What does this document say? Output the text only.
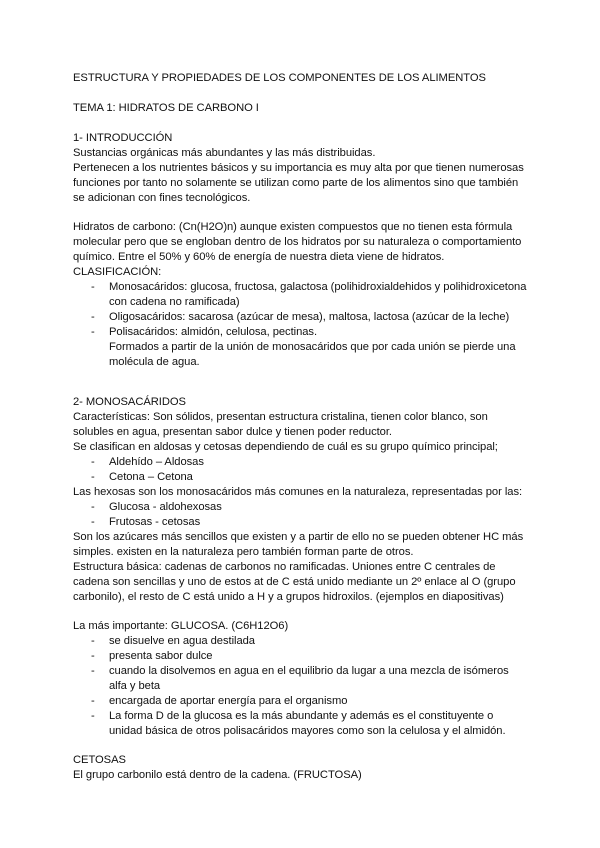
ESTRUCTURA Y PROPIEDADES DE LOS COMPONENTES DE LOS ALIMENTOS
TEMA 1: HIDRATOS DE CARBONO I
1- INTRODUCCIÓN
Sustancias orgánicas más abundantes y las más distribuidas.
Pertenecen a los nutrientes básicos y su importancia es muy alta por que tienen numerosas
funciones por tanto no solamente se utilizan como parte de los alimentos sino que también
se adicionan con fines tecnológicos.
Hidratos de carbono: (Cn(H2O)n) aunque existen compuestos que no tienen esta fórmula
molecular pero que se engloban dentro de los hidratos por su naturaleza o comportamiento
químico. Entre el 50% y 60% de energía de nuestra dieta viene de hidratos.
CLASIFICACIÓN:
- Monosacáridos: glucosa, fructosa, galactosa (polihidroxialdehidos y polihidroxicetona
con cadena no ramificada)
- Oligosacáridos: sacarosa (azúcar de mesa), maltosa, lactosa (azúcar de la leche)
- Polisacáridos: almidón, celulosa, pectinas.
Formados a partir de la unión de monosacáridos que por cada unión se pierde una
molécula de agua.
2- MONOSACÁRIDOS
Características: Son sólidos, presentan estructura cristalina, tienen color blanco, son
solubles en agua, presentan sabor dulce y tienen poder reductor.
Se clasifican en aldosas y cetosas dependiendo de cuál es su grupo químico principal;
- Aldehído – Aldosas
- Cetona – Cetona
Las hexosas son los monosacáridos más comunes en la naturaleza, representadas por las:
- Glucosa - aldohexosas
- Frutosas - cetosas
Son los azúcares más sencillos que existen y a partir de ello no se pueden obtener HC más
simples. existen en la naturaleza pero también forman parte de otros.
Estructura básica: cadenas de carbonos no ramificadas. Uniones entre C centrales de
cadena son sencillas y uno de estos at de C está unido mediante un 2º enlace al O (grupo
carbonilo), el resto de C está unido a H y a grupos hidroxilos. (ejemplos en diapositivas)
La más importante: GLUCOSA. (C6H12O6)
- se disuelve en agua destilada
- presenta sabor dulce
- cuando la disolvemos en agua en el equilibrio da lugar a una mezcla de isómeros
alfa y beta
- encargada de aportar energía para el organismo
- La forma D de la glucosa es la más abundante y además es el constituyente o
unidad básica de otros polisacáridos mayores como son la celulosa y el almidón.
CETOSAS
El grupo carbonilo está dentro de la cadena. (FRUCTOSA)
